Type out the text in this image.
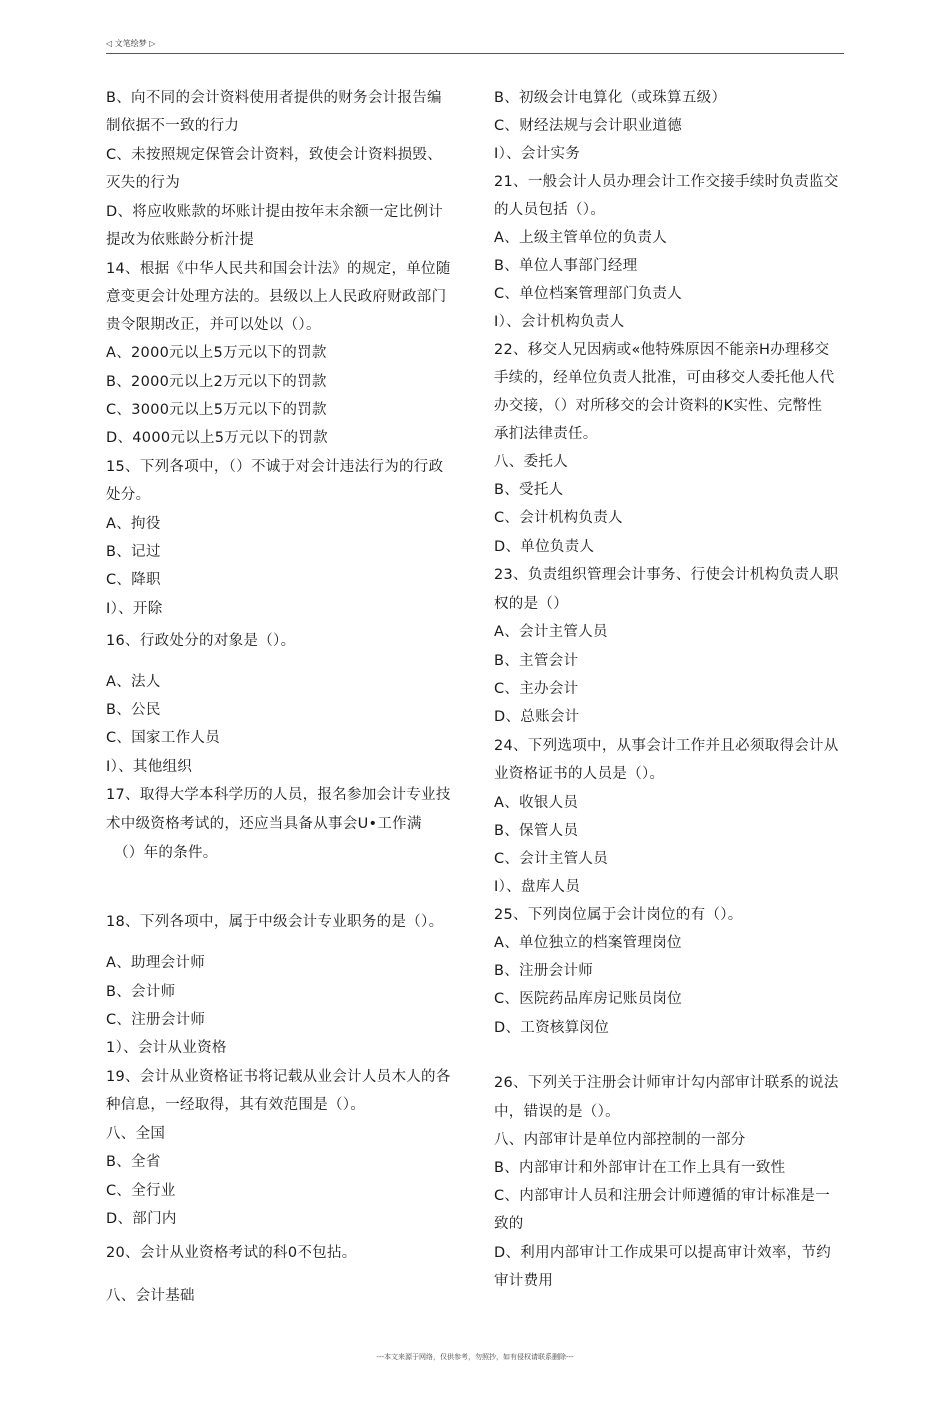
◁ 文笔绘梦 ▷
B、向不同的会计资料使用者提供的财务会计报告编
制依据不一致的行力
C、未按照规定保管会计资料，致使会计资料损毁、
灭失的行为
D、将应收账款的坏账计提由按年末余额一定比例计
提改为依账龄分析汁提
14、根据《中华人民共和国会计法》的规定，单位随
意变更会计处理方法的。县级以上人民政府财政部门
贵令限期改正，并可以处以（）。
A、2000元以上5万元以下的罚款
B、2000元以上2万元以下的罚款
C、3000元以上5万元以下的罚款
D、4000元以上5万元以下的罚款
15、下列各项中，（）不诚于对会计违法行为的行政
处分。
A、拘役
B、记过
C、降职
I）、开除
16、行政处分的对象是（）。
A、法人
B、公民
C、国家工作人员
I）、其他组织
17、取得大学本科学历的人员，报名参加会计专业技
术中级资格考试的，还应当具备从事会U•工作满
（）年的条件。
18、下列各项中，属于中级会计专业职务的是（）。
A、助理会计师
B、会计师
C、注册会计师
1）、会计从业资格
19、会计从业资格证书将记载从业会计人员木人的各
种信息，一经取得，其有效范围是（）。
八、全国
B、全省
C、全行业
D、部门内
20、会计从业资格考试的科0不包拈。
八、会计基础
B、初级会计电算化（或珠算五级）
C、财经法规与会计职业道德
I）、会计实务
21、一般会计人员办理会计工作交接手续时负责监交
的人员包括（）。
A、上级主管单位的负责人
B、单位人事部门经理
C、单位档案管理部门负责人
I）、会计机构负责人
22、移交人兄因病或«他特殊原因不能亲H办理移交
手续的，经单位负责人批准，可由移交人委托他人代
办交接，（）对所移交的会计资料的K实性、完幣性
承扪法律责任。
八、委托人
B、受托人
C、会计机构负责人
D、单位负责人
23、负责组织管理会计事务、行使会计机构负责人职
权的是（）
A、会计主管人员
B、主管会计
C、主办会计
D、总账会计
24、下列选项中，从事会计工作并且必须取得会计从
业资格证书的人员是（）。
A、收银人员
B、保管人员
C、会计主管人员
I）、盘库人员
25、下列岗位属于会计岗位的有（）。
A、单位独立的档案管理岗位
B、注册会计师
C、医院药品库房记账员岗位
D、工资核算闵位
26、下列关于注册会计师审计勾内部审计联系的说法
中，错误的是（）。
八、内部审计是单位内部控制的一部分
B、内部审计和外部审计在工作上具有一致性
C、内部审计人员和注册会计师遵循的审计标准是一
致的
D、利用内部审计工作成果可以提髙审计效率，节约
审计费用
---本文来源于网络，仅供参考，勿照抄，如有侵权请联系删除---
